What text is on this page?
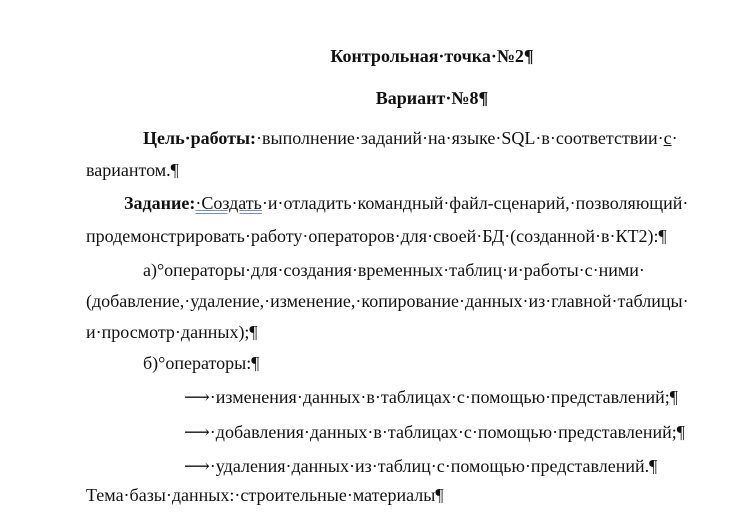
Контрольная·точка·№2¶
Вариант·№8¶
Цель·работы:·выполнение·заданий·на·языке·SQL·в·соответствии·с·
вариантом.¶
Задание:·Создать·и·отладить·командный·файл-сценарий,·позволяющий·
продемонстрировать·работу·операторов·для·своей·БД·(созданной·в·КТ2):¶
а)°операторы·для·создания·временных·таблиц·и·работы·с·ними·
(добавление,·удаление,·изменение,·копирование·данных·из·главной·таблицы·
и·просмотр·данных);¶
б)°операторы:¶
⟶·изменения·данных·в·таблицах·с·помощью·представлений;¶
⟶·добавления·данных·в·таблицах·с·помощью·представлений;¶
⟶·удаления·данных·из·таблиц·с·помощью·представлений.¶
Тема·базы·данных:·строительные·материалы¶
